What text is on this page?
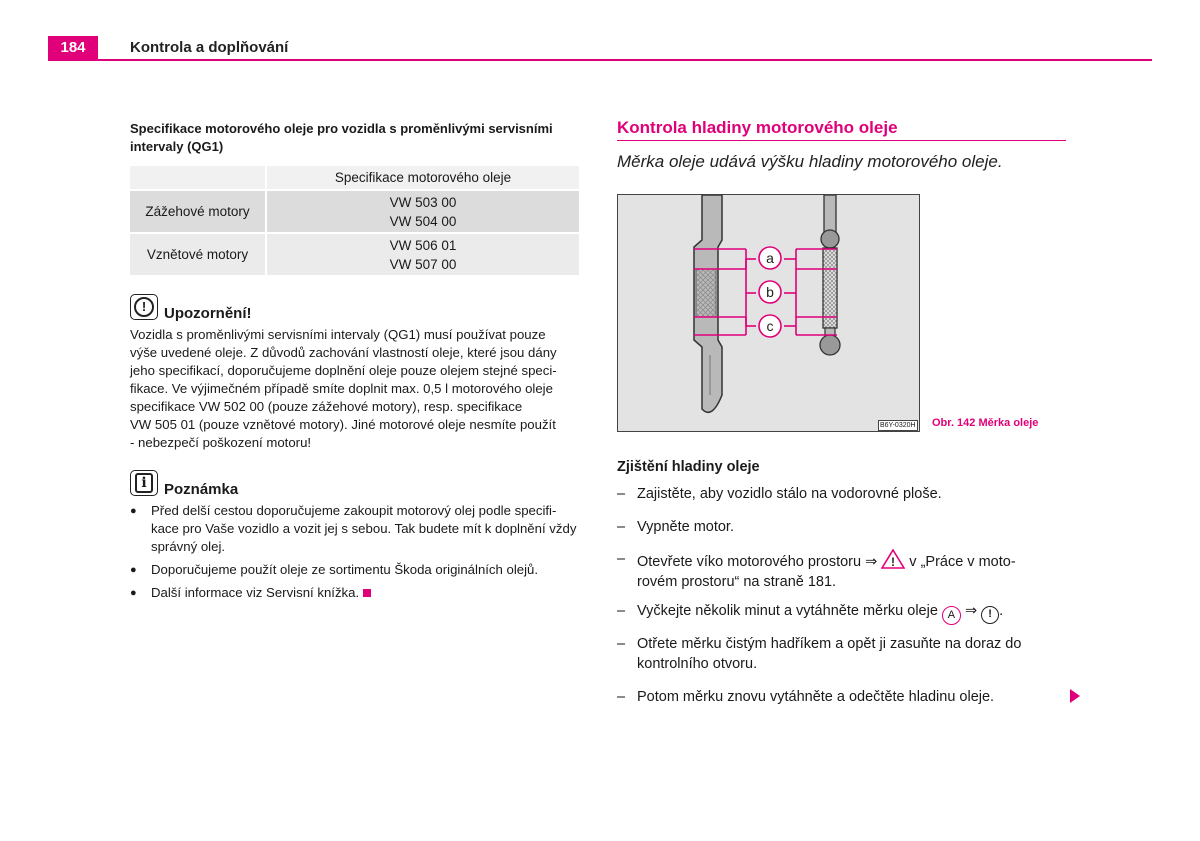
184	Kontrola a doplňování
Specifikace motorového oleje pro vozidla s proměnlivými servisními intervaly (QG1)
	Specifikace motorového oleje
Zážehové motory	VW 503 00
VW 504 00

Vznětové motory	VW 506 01
VW 507 00
!	Upozornění!
Vozidla s proměnlivými servisními intervaly (QG1) musí používat pouze
výše uvedené oleje. Z důvodů zachování vlastností oleje, které jsou dány
jeho specifikací, doporučujeme doplnění oleje pouze olejem stejné speci-
fikace. Ve výjimečném případě smíte doplnit max. 0,5 l motorového oleje
specifikace VW 502 00 (pouze zážehové motory), resp. specifikace
VW 505 01 (pouze vznětové motory). Jiné motorové oleje nesmíte použít
- nebezpečí poškození motoru!
i	Poznámka
●	Před delší cestou doporučujeme zakoupit motorový olej podle specifi-
kace pro Vaše vozidlo a vozit jej s sebou. Tak budete mít k doplnění vždy
správný olej.
●	Doporučujeme použít oleje ze sortimentu Škoda originálních olejů.
●	Další informace viz Servisní knížka.
Kontrola hladiny motorového oleje
Měrka oleje udává výšku hladiny motorového oleje.
a
b
c
B6Y-0320H Obr. 142 Měrka oleje
Zjištění hladiny oleje
– Zajistěte, aby vozidlo stálo na vodorovné ploše.
– Vypněte motor.
– Otevřete víko motorového prostoru ⇒ ! v „Práce v moto-
rovém prostoru“ na straně 181.
– Vyčkejte několik minut a vytáhněte měrku oleje A ⇒ ! .
– Otřete měrku čistým hadříkem a opět ji zasuňte na doraz do
kontrolního otvoru.
– Potom měrku znovu vytáhněte a odečtěte hladinu oleje.
